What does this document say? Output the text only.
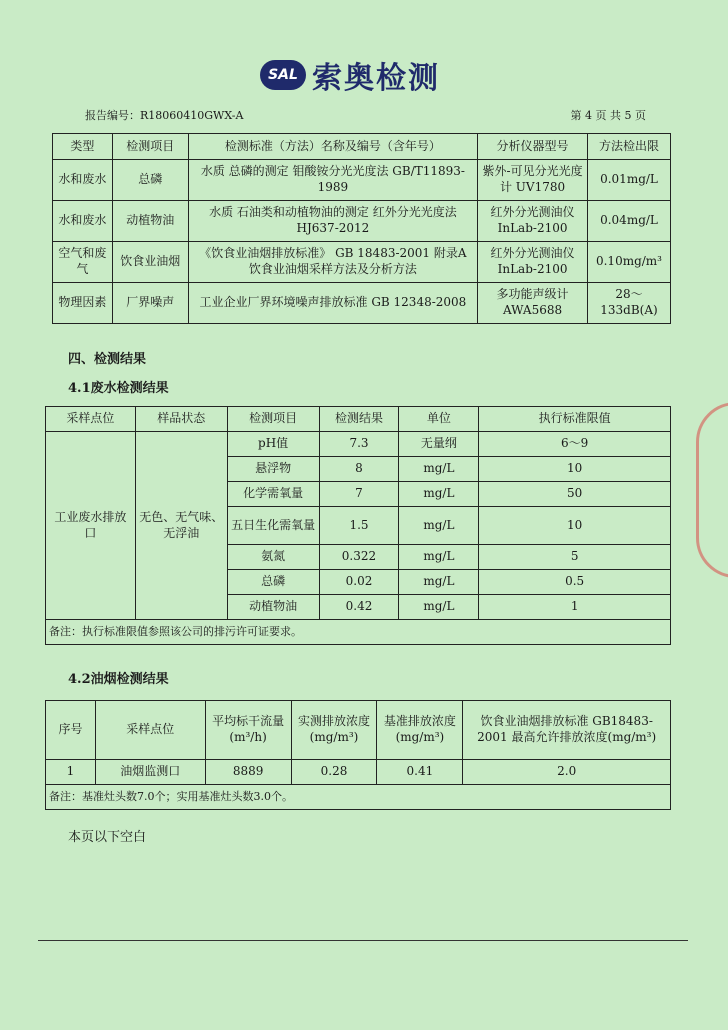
SAL 索奥检测
报告编号：R18060410GWX-A	第 4 页 共 5 页
类型	检测项目	检测标准（方法）名称及编号（含年号）	分析仪器型号	方法检出限
水和废水	总磷	水质 总磷的测定 钼酸铵分光光度法 GB/T11893-1989	紫外-可见分光光度计 UV1780	0.01mg/L
水和废水	动植物油	水质 石油类和动植物油的测定 红外分光光度法 HJ637-2012	红外分光测油仪 InLab-2100	0.04mg/L
空气和废气	饮食业油烟	《饮食业油烟排放标准》 GB 18483-2001 附录A 饮食业油烟采样方法及分析方法	红外分光测油仪 InLab-2100	0.10mg/m³
物理因素	厂界噪声	工业企业厂界环境噪声排放标准 GB 12348-2008	多功能声级计 AWA5688	28～133dB(A)
四、检测结果
4.1废水检测结果
采样点位	样品状态	检测项目	检测结果	单位	执行标准限值
工业废水排放口	无色、无气味、无浮油	pH值	7.3	无量纲	6～9
		悬浮物	8	mg/L	10
		化学需氧量	7	mg/L	50
		五日生化需氧量	1.5	mg/L	10
		氨氮	0.322	mg/L	5
		总磷	0.02	mg/L	0.5
		动植物油	0.42	mg/L	1
备注：执行标准限值参照该公司的排污许可证要求。					
4.2油烟检测结果
序号	采样点位	平均标干流量(m³/h)	实测排放浓度(mg/m³)	基准排放浓度(mg/m³)	饮食业油烟排放标准 GB18483-2001 最高允许排放浓度(mg/m³)
1	油烟监测口	8889	0.28	0.41	2.0
备注：基准灶头数7.0个；实用基准灶头数3.0个。					
本页以下空白
